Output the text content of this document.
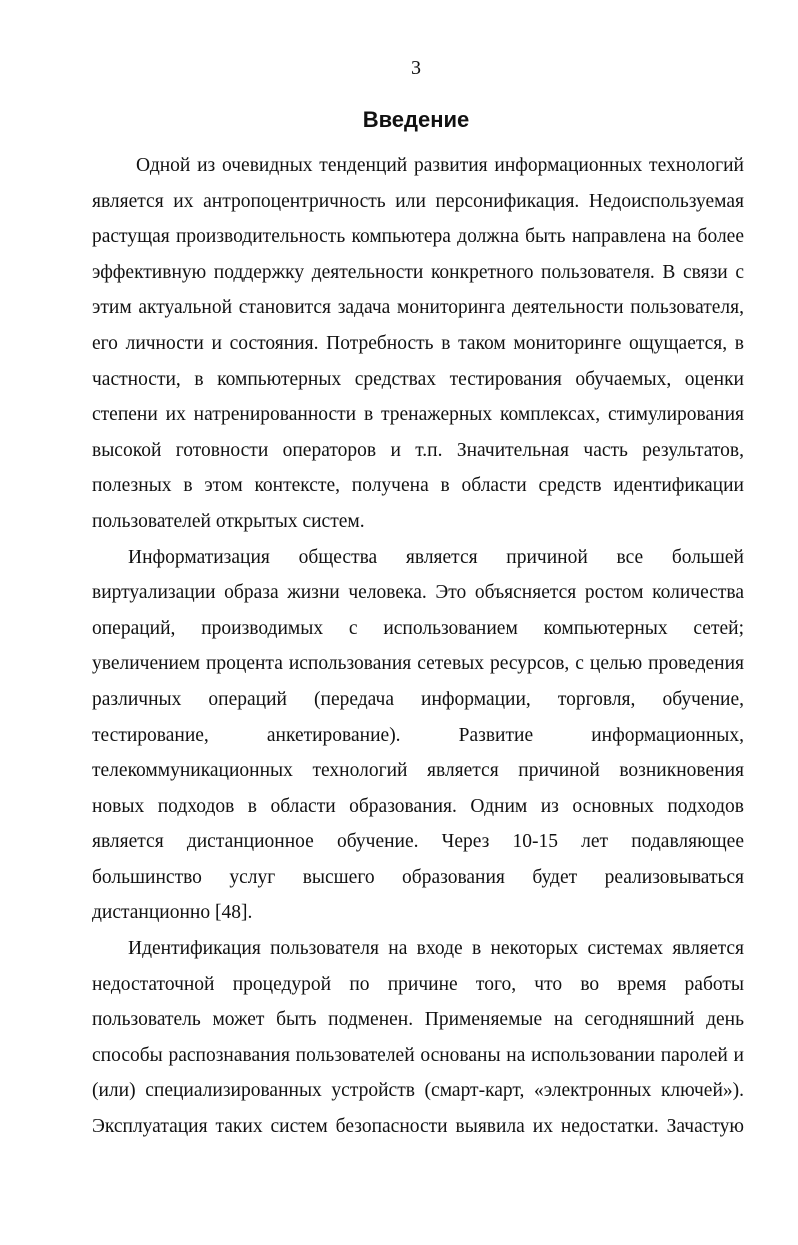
3
Введение
Одной из очевидных тенденций развития информационных технологий
является их антропоцентричность или персонификация. Недоиспользуемая
растущая производительность компьютера должна быть направлена на более
эффективную поддержку деятельности конкретного пользователя. В связи с
этим актуальной становится задача мониторинга деятельности пользователя,
его личности и состояния. Потребность в таком мониторинге ощущается, в
частности, в компьютерных средствах тестирования обучаемых, оценки
степени их натренированности в тренажерных комплексах, стимулирования
высокой готовности операторов и т.п. Значительная часть результатов,
полезных в этом контексте, получена в области средств идентификации
пользователей открытых систем.
Информатизация общества является причиной все большей
виртуализации образа жизни человека. Это объясняется ростом количества
операций, производимых с использованием компьютерных сетей;
увеличением процента использования сетевых ресурсов, с целью проведения
различных операций (передача информации, торговля, обучение,
тестирование, анкетирование). Развитие информационных,
телекоммуникационных технологий является причиной возникновения
новых подходов в области образования. Одним из основных подходов
является дистанционное обучение. Через 10-15 лет подавляющее
большинство услуг высшего образования будет реализовываться
дистанционно [48].
Идентификация пользователя на входе в некоторых системах является
недостаточной процедурой по причине того, что во время работы
пользователь может быть подменен. Применяемые на сегодняшний день
способы распознавания пользователей основаны на использовании паролей и
(или) специализированных устройств (смарт-карт, «электронных ключей»).
Эксплуатация таких систем безопасности выявила их недостатки. Зачастую
